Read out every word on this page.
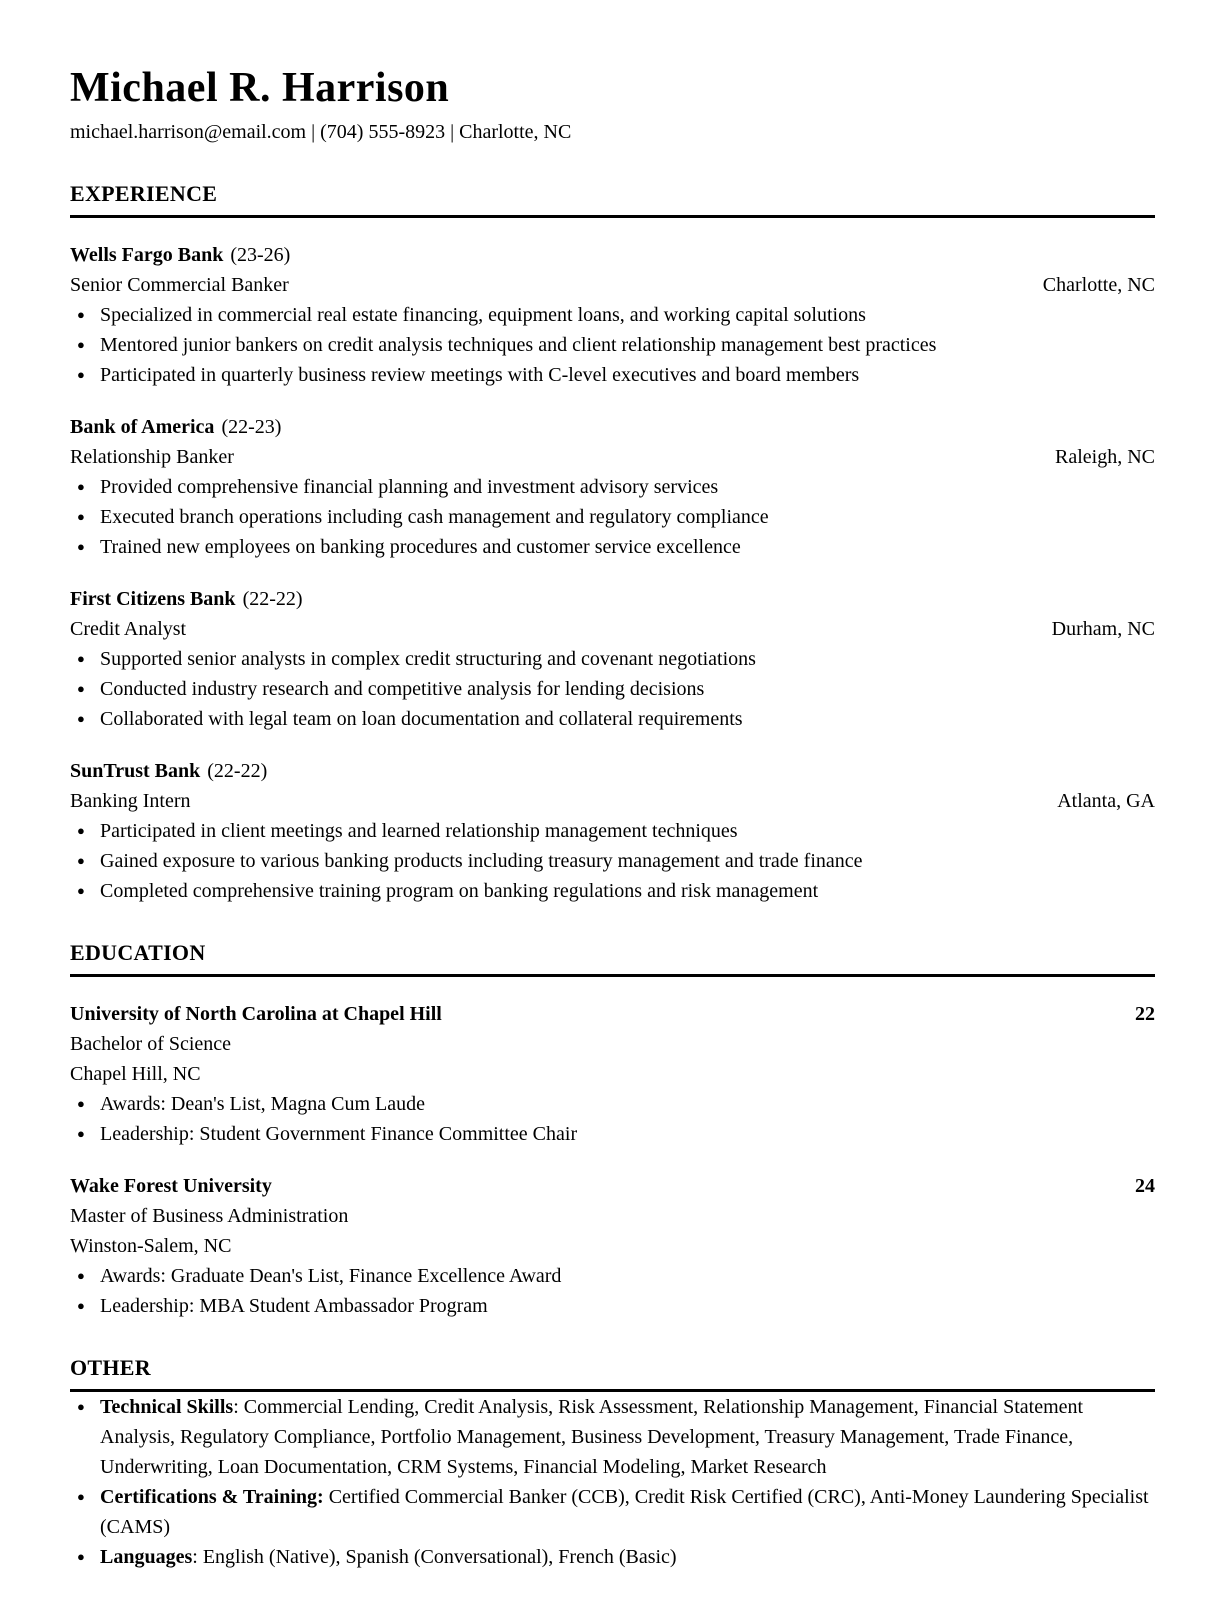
Michael R. Harrison
michael.harrison@email.com | (704) 555-8923 | Charlotte, NC
EXPERIENCE
Wells Fargo Bank (23-26)
Senior Commercial Banker	Charlotte, NC
● Specialized in commercial real estate financing, equipment loans, and working capital solutions
● Mentored junior bankers on credit analysis techniques and client relationship management best practices
● Participated in quarterly business review meetings with C-level executives and board members
Bank of America (22-23)
Relationship Banker	Raleigh, NC
● Provided comprehensive financial planning and investment advisory services
● Executed branch operations including cash management and regulatory compliance
● Trained new employees on banking procedures and customer service excellence
First Citizens Bank (22-22)
Credit Analyst	Durham, NC
● Supported senior analysts in complex credit structuring and covenant negotiations
● Conducted industry research and competitive analysis for lending decisions
● Collaborated with legal team on loan documentation and collateral requirements
SunTrust Bank (22-22)
Banking Intern	Atlanta, GA
● Participated in client meetings and learned relationship management techniques
● Gained exposure to various banking products including treasury management and trade finance
● Completed comprehensive training program on banking regulations and risk management
EDUCATION
University of North Carolina at Chapel Hill	22
Bachelor of Science
Chapel Hill, NC
● Awards: Dean's List, Magna Cum Laude
● Leadership: Student Government Finance Committee Chair
Wake Forest University	24
Master of Business Administration
Winston-Salem, NC
● Awards: Graduate Dean's List, Finance Excellence Award
● Leadership: MBA Student Ambassador Program
OTHER
● Technical Skills: Commercial Lending, Credit Analysis, Risk Assessment, Relationship Management, Financial Statement Analysis, Regulatory Compliance, Portfolio Management, Business Development, Treasury Management, Trade Finance, Underwriting, Loan Documentation, CRM Systems, Financial Modeling, Market Research
● Certifications & Training: Certified Commercial Banker (CCB), Credit Risk Certified (CRC), Anti-Money Laundering Specialist (CAMS)
● Languages: English (Native), Spanish (Conversational), French (Basic)
